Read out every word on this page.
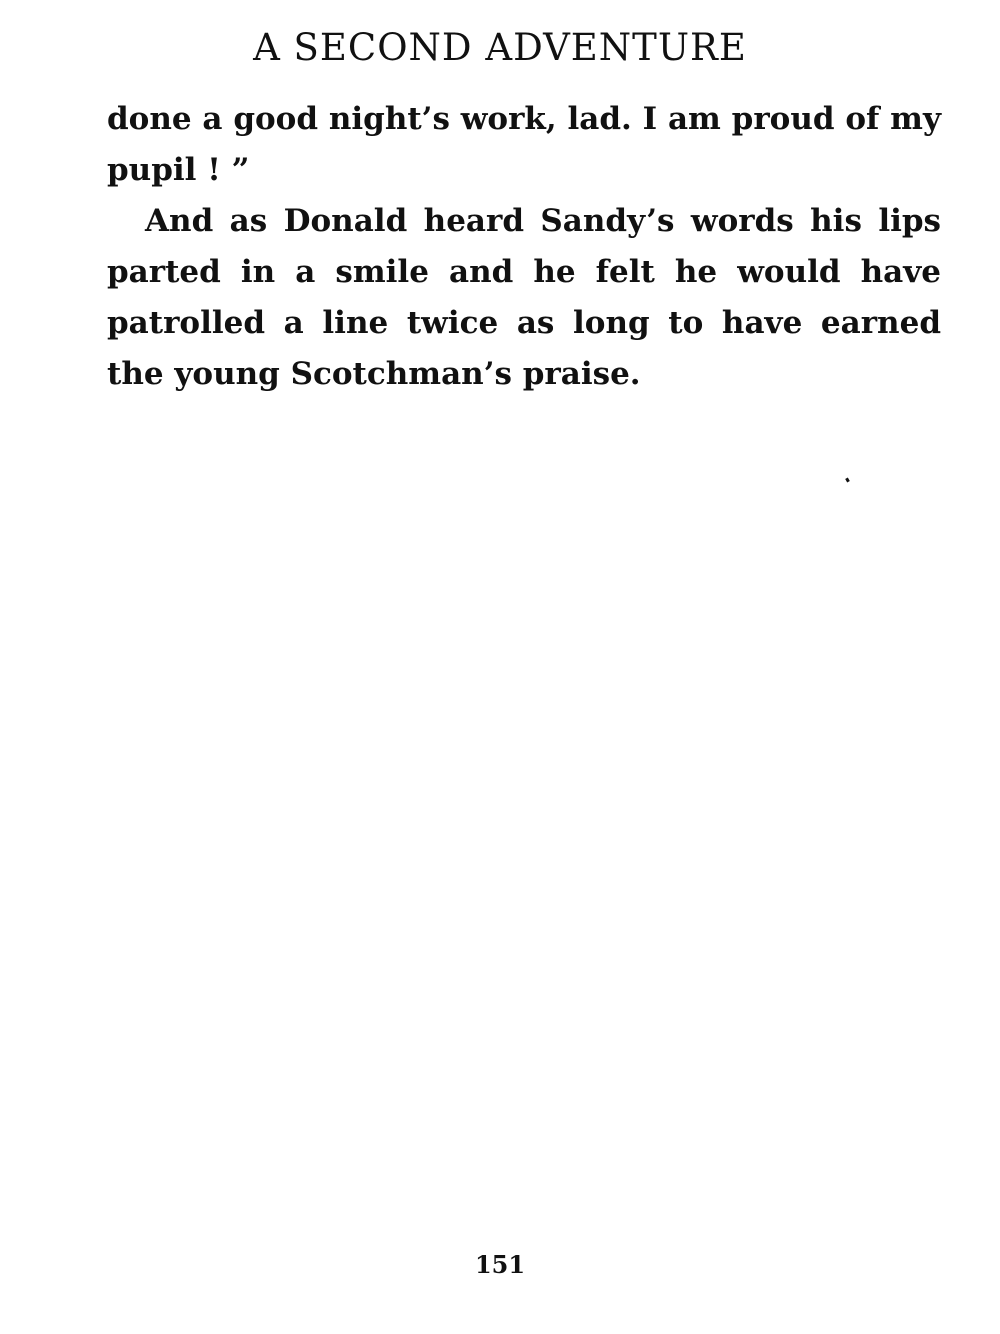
A SECOND ADVENTURE

done a good night’s work, lad. I am proud of my pupil ! ”

And as Donald heard Sandy’s words his lips parted in a smile and he felt he would have patrolled a line twice as long to have earned the young Scotchman’s praise.

151
